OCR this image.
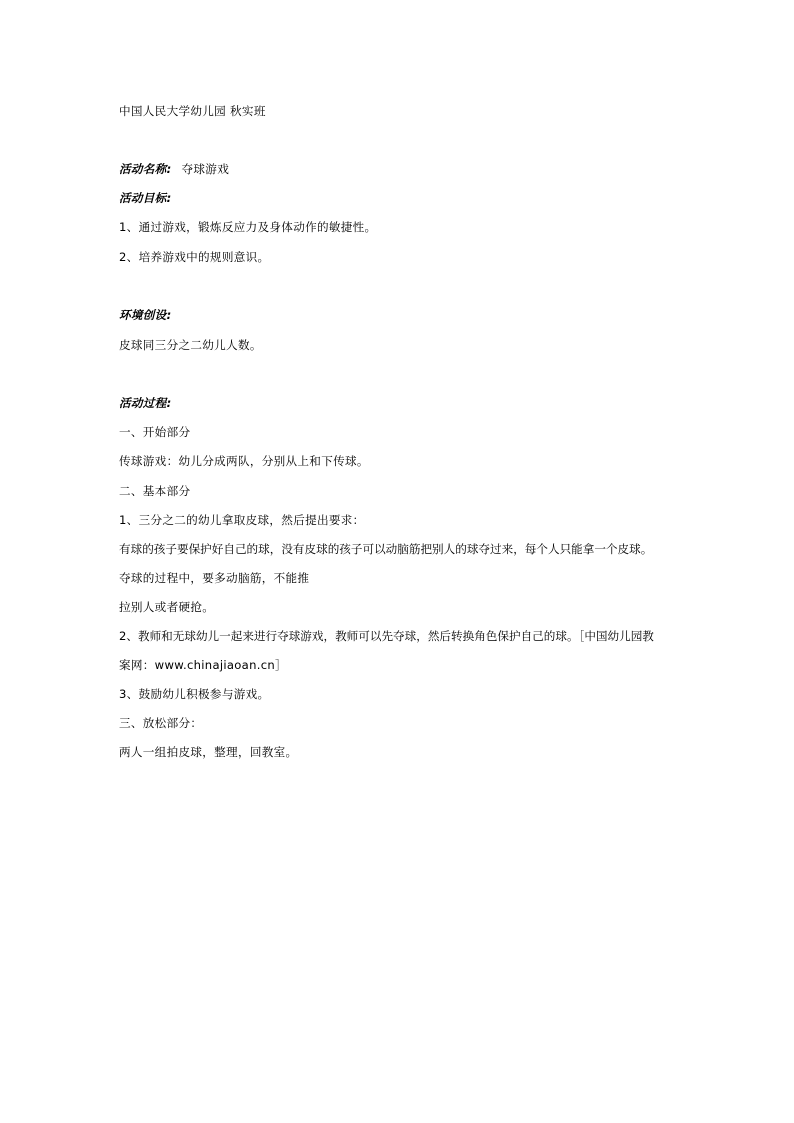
中国人民大学幼儿园 秋实班
活动名称: 夺球游戏
活动目标:
1、通过游戏，锻炼反应力及身体动作的敏捷性。
2、培养游戏中的规则意识。
环境创设:
皮球同三分之二幼儿人数。
活动过程:
一、开始部分
传球游戏：幼儿分成两队，分别从上和下传球。
二、基本部分
1、三分之二的幼儿拿取皮球，然后提出要求：
有球的孩子要保护好自己的球，没有皮球的孩子可以动脑筋把别人的球夺过来，每个人只能拿一个皮球。
夺球的过程中，要多动脑筋，不能推
拉别人或者硬抢。
2、教师和无球幼儿一起来进行夺球游戏，教师可以先夺球，然后转换角色保护自己的球。［中国幼儿园教
案网：www.chinajiaoan.cn］
3、鼓励幼儿积极参与游戏。
三、放松部分：
两人一组拍皮球，整理，回教室。
